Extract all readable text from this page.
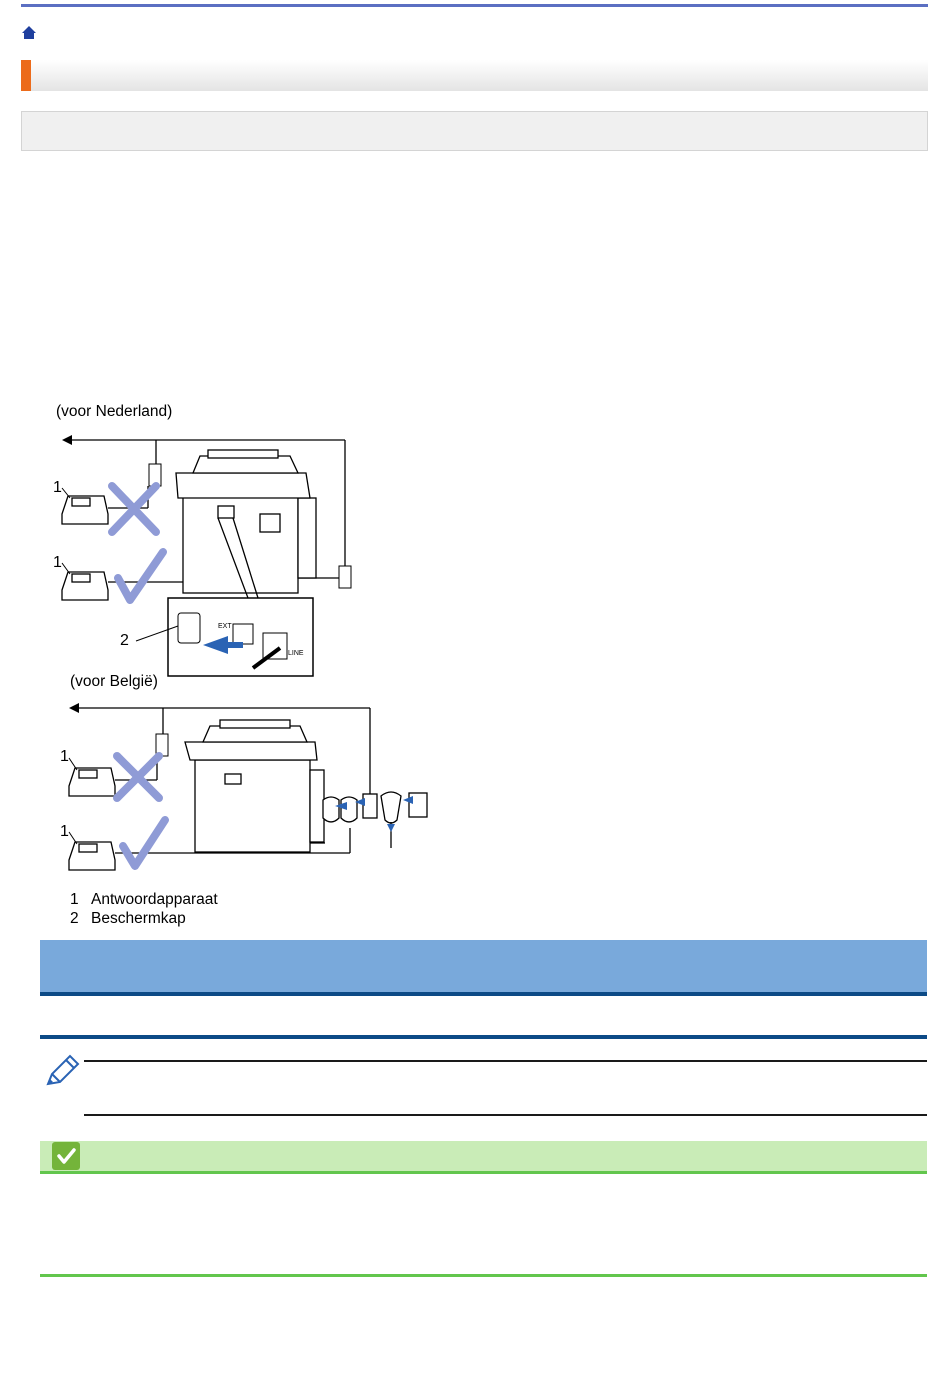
(voor Nederland)
1
1
EXT
LINE
2
(voor België)
1
1
1 Antwoordapparaat
2 Beschermkap
